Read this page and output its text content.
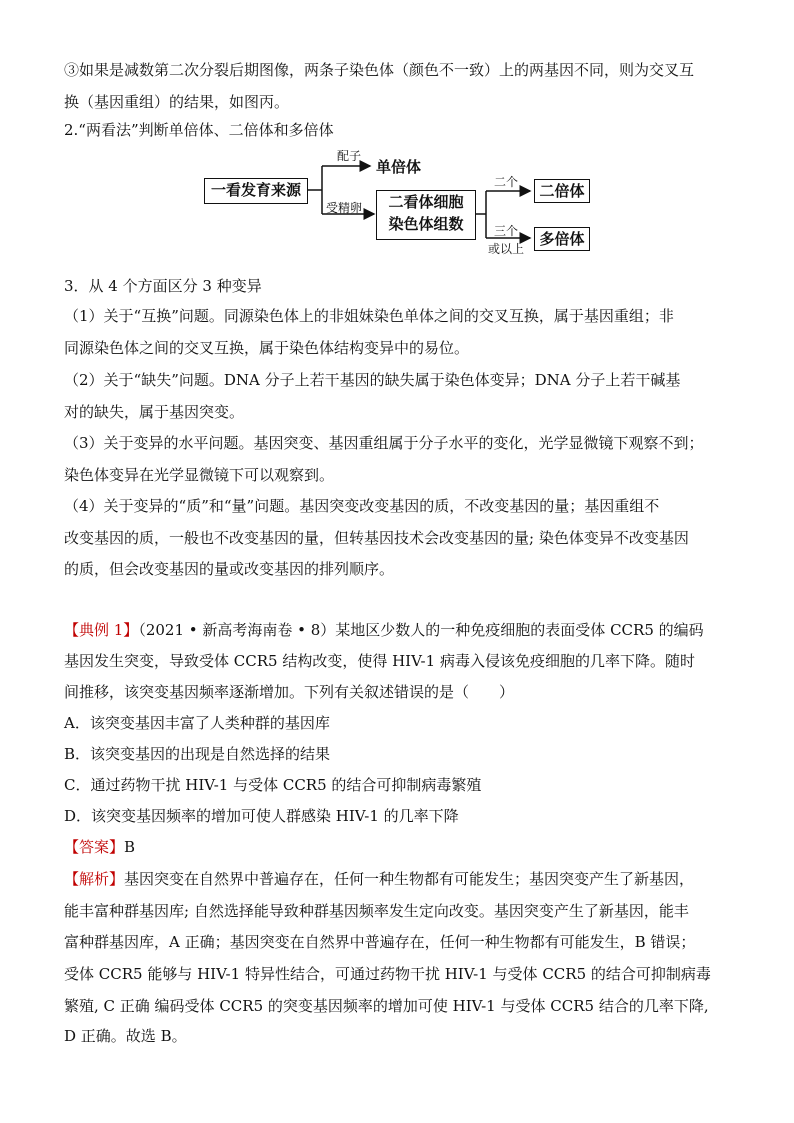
③如果是减数第二次分裂后期图像，两条子染色体（颜色不一致）上的两基因不同，则为交叉互
换（基因重组）的结果，如图丙。
2.“两看法”判断单倍体、二倍体和多倍体
一看发育来源
配子
单倍体
受精卵	二看体细胞
染色体组数
二个	二倍体
三个
或以上
多倍体
3．从 4 个方面区分 3 种变异
（1）关于“互换”问题。同源染色体上的非姐妹染色单体之间的交叉互换，属于基因重组；非
同源染色体之间的交叉互换，属于染色体结构变异中的易位。
（2）关于“缺失”问题。DNA 分子上若干基因的缺失属于染色体变异；DNA 分子上若干碱基
对的缺失，属于基因突变。
（3）关于变异的水平问题。基因突变、基因重组属于分子水平的变化，光学显微镜下观察不到；
染色体变异在光学显微镜下可以观察到。
（4）关于变异的“质”和“量”问题。基因突变改变基因的质，不改变基因的量；基因重组不
改变基因的质，一般也不改变基因的量，但转基因技术会改变基因的量; 染色体变异不改变基因
的质，但会改变基因的量或改变基因的排列顺序。
【典例 1】（2021 • 新高考海南卷 • 8）某地区少数人的一种免疫细胞的表面受体 CCR5 的编码
基因发生突变，导致受体 CCR5 结构改变，使得 HIV-1 病毒入侵该免疫细胞的几率下降。随时
间推移，该突变基因频率逐渐增加。下列有关叙述错误的是（　　）
A．该突变基因丰富了人类种群的基因库
B．该突变基因的出现是自然选择的结果
C．通过药物干扰 HIV-1 与受体 CCR5 的结合可抑制病毒繁殖
D．该突变基因频率的增加可使人群感染 HIV-1 的几率下降
【答案】B
【解析】基因突变在自然界中普遍存在，任何一种生物都有可能发生；基因突变产生了新基因，
能丰富种群基因库; 自然选择能导致种群基因频率发生定向改变。基因突变产生了新基因，能丰
富种群基因库，A 正确；基因突变在自然界中普遍存在，任何一种生物都有可能发生，B 错误；
受体 CCR5 能够与 HIV-1 特异性结合，可通过药物干扰 HIV-1 与受体 CCR5 的结合可抑制病毒
繁殖, C 正确 编码受体 CCR5 的突变基因频率的增加可使 HIV-1 与受体 CCR5 结合的几率下降,
D 正确。故选 B。
